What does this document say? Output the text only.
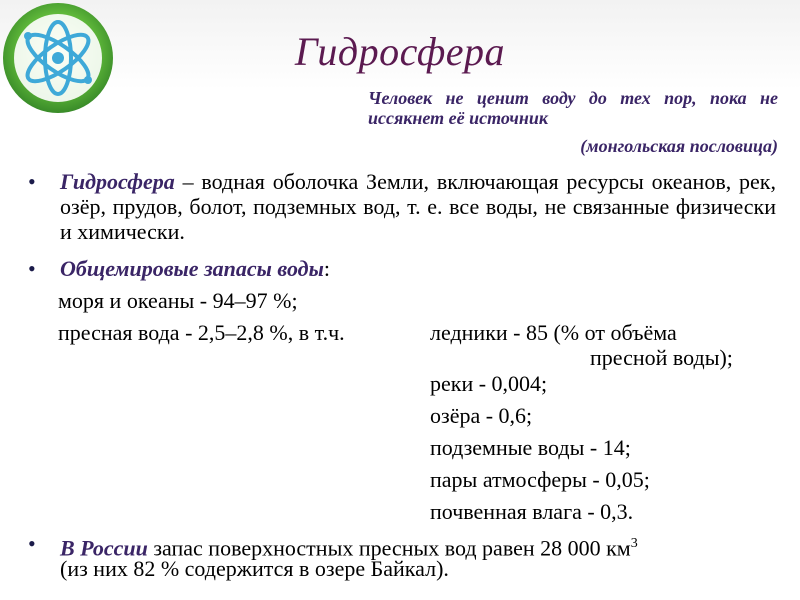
Гидросфера
Человек не ценит воду до тех пор, пока не иссякнет её источник
(монгольская пословица)
• Гидросфера – водная оболочка Земли, включающая ресурсы океанов, рек, озёр, прудов, болот, подземных вод, т. е. все воды, не связанные физически и химически.
• Общемировые запасы воды:
моря и океаны - 94–97 %;
пресная вода - 2,5–2,8 %, в т.ч.	ледники - 85 (% от объёма
пресной воды);
реки - 0,004;
озёра - 0,6;
подземные воды - 14;
пары атмосферы - 0,05;
почвенная влага - 0,3.
• В России запас поверхностных пресных вод равен 28 000 $км^3$
(из них 82 % содержится в озере Байкал).
